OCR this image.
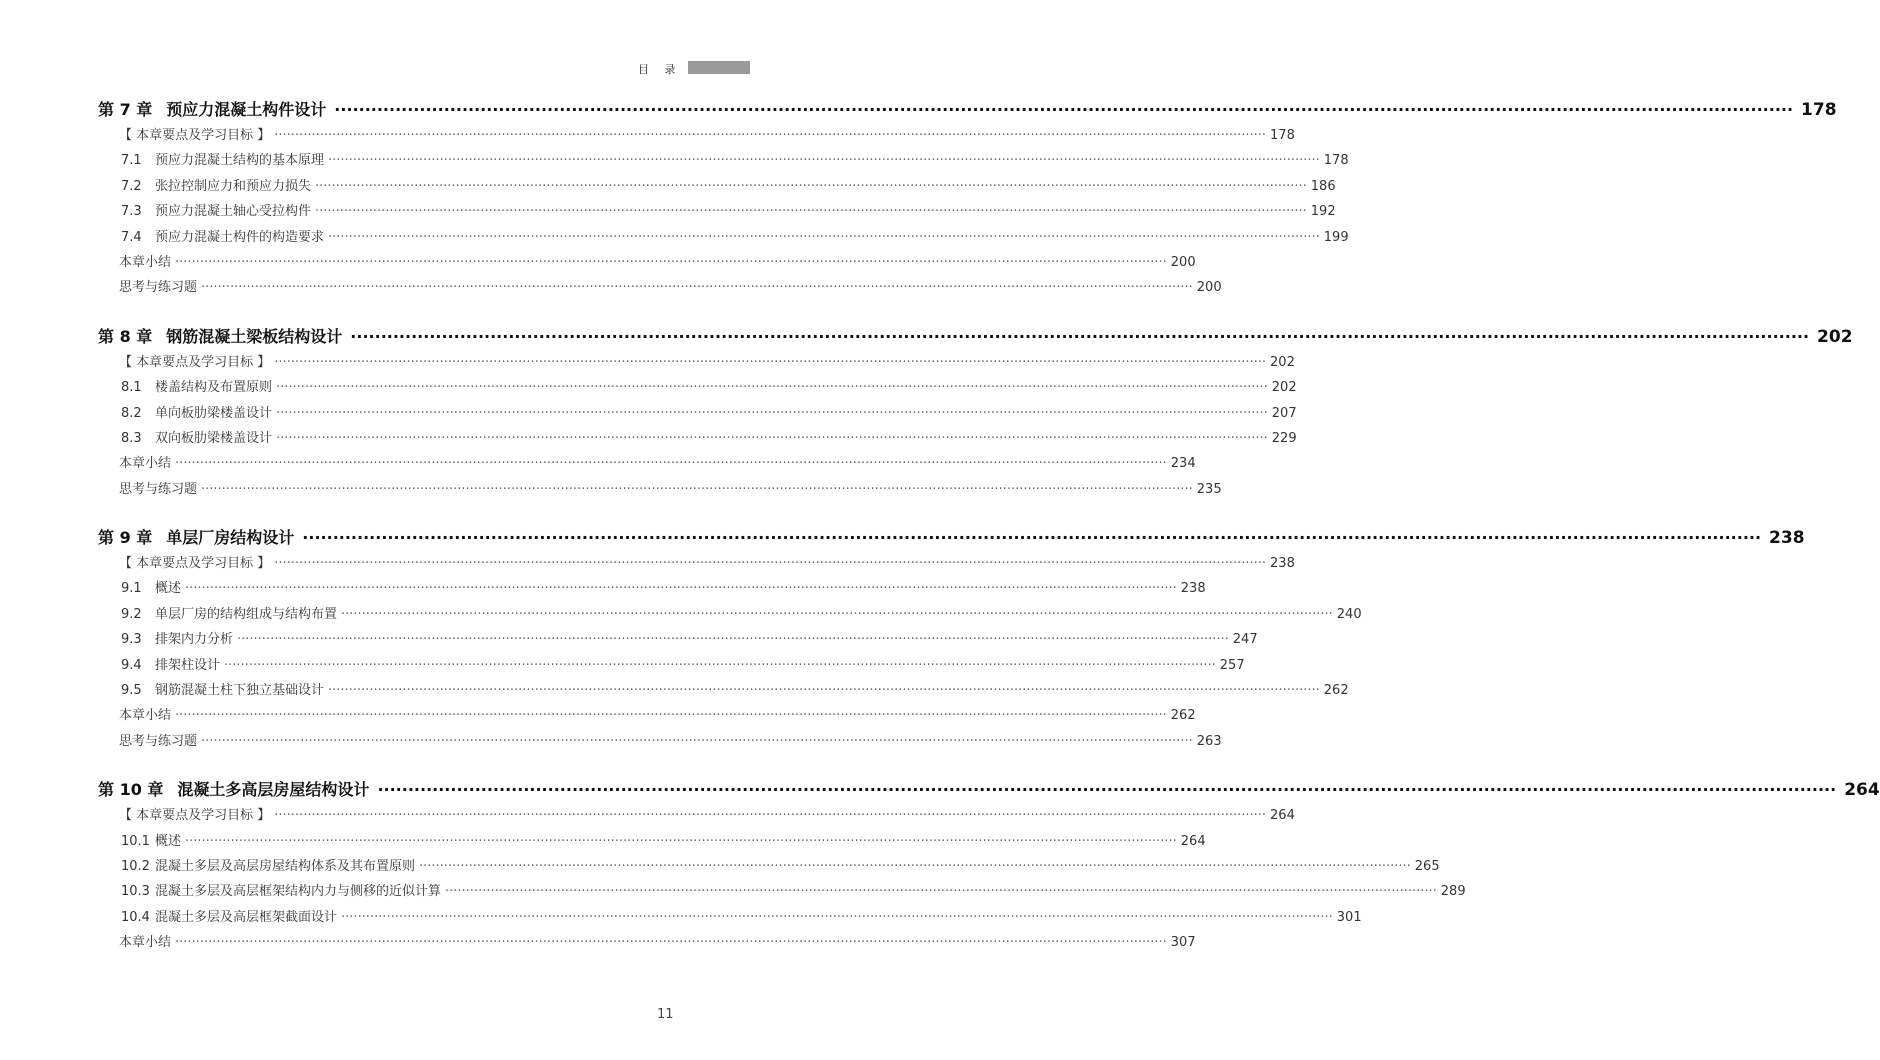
目 录
第 7 章 预应力混凝土构件设计 ················································································································································································································································ 178
【 本章要点及学习目标 】 ················································································································································································································································ 178
7.1 预应力混凝土结构的基本原理 ················································································································································································································································ 178
7.2 张拉控制应力和预应力损失 ················································································································································································································································ 186
7.3 预应力混凝土轴心受拉构件 ················································································································································································································································ 192
7.4 预应力混凝土构件的构造要求 ················································································································································································································································ 199
本章小结 ················································································································································································································································ 200
思考与练习题 ················································································································································································································································ 200
第 8 章 钢筋混凝土梁板结构设计 ················································································································································································································································ 202
【 本章要点及学习目标 】 ················································································································································································································································ 202
8.1 楼盖结构及布置原则 ················································································································································································································································ 202
8.2 单向板肋梁楼盖设计 ················································································································································································································································ 207
8.3 双向板肋梁楼盖设计 ················································································································································································································································ 229
本章小结 ················································································································································································································································ 234
思考与练习题 ················································································································································································································································ 235
第 9 章 单层厂房结构设计 ················································································································································································································································ 238
【 本章要点及学习目标 】 ················································································································································································································································ 238
9.1 概述 ················································································································································································································································ 238
9.2 单层厂房的结构组成与结构布置 ················································································································································································································································ 240
9.3 排架内力分析 ················································································································································································································································ 247
9.4 排架柱设计 ················································································································································································································································ 257
9.5 钢筋混凝土柱下独立基础设计 ················································································································································································································································ 262
本章小结 ················································································································································································································································ 262
思考与练习题 ················································································································································································································································ 263
第 10 章 混凝土多高层房屋结构设计 ················································································································································································································································ 264
【 本章要点及学习目标 】 ················································································································································································································································ 264
10.1 概述 ················································································································································································································································ 264
10.2 混凝土多层及高层房屋结构体系及其布置原则 ················································································································································································································································ 265
10.3 混凝土多层及高层框架结构内力与侧移的近似计算 ················································································································································································································································ 289
10.4 混凝土多层及高层框架截面设计 ················································································································································································································································ 301
本章小结 ················································································································································································································································ 307
11
